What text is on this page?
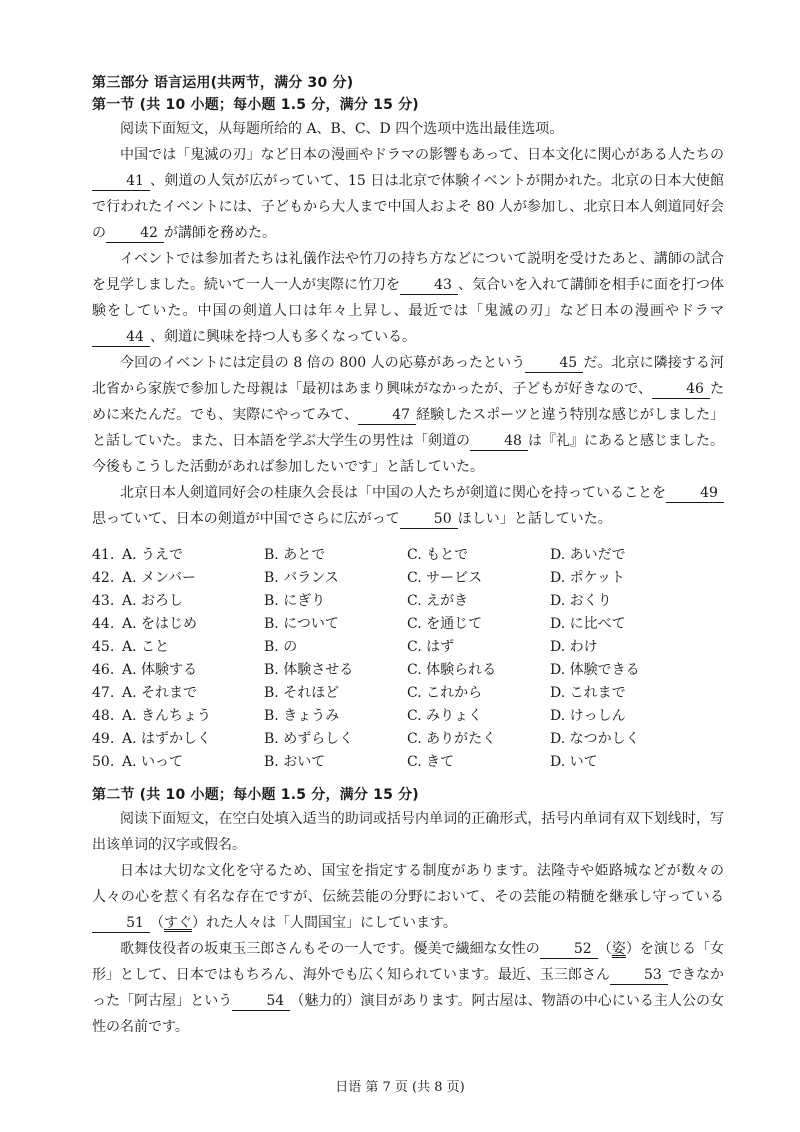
第三部分 语言运用(共两节，满分 30 分)
第一节 (共 10 小题；每小题 1.5 分，满分 15 分)

阅读下面短文，从每题所给的 A、B、C、D 四个选项中选出最佳选项。

中国では「鬼滅の刃」など日本の漫画やドラマの影響もあって、日本文化に関心がある人たちの41 、剣道の人気が広がっていて、15 日は北京で体験イベントが開かれた。北京の日本大使館で行われたイベントには、子どもから大人まで中国人およそ 80 人が参加し、北京日本人剣道同好会の 42 が講師を務めた。

イベントでは参加者たちは礼儀作法や竹刀の持ち方などについて説明を受けたあと、講師の試合を見学しました。続いて一人一人が実際に竹刀を 43 、気合いを入れて講師を相手に面を打つ体験をしていた。中国の剣道人口は年々上昇し、最近では「鬼滅の刃」など日本の漫画やドラマ44 、剣道に興味を持つ人も多くなっている。

今回のイベントには定員の 8 倍の 800 人の応募があったという 45 だ。北京に隣接する河北省から家族で参加した母親は「最初はあまり興味がなかったが、子どもが好きなので、 46 ために来たんだ。でも、実際にやってみて、 47 経験したスポーツと違う特別な感じがしました」と話していた。また、日本語を学ぶ大学生の男性は「剣道の 48 は『礼』にあると感じました。今後もこうした活動があれば参加したいです」と話していた。

北京日本人剣道同好会の桂康久会長は「中国の人たちが剣道に関心を持っていることを 49思っていて、日本の剣道が中国でさらに広がって 50 ほしい」と話していた。

41.	A. うえで	B. あとで	C. もとで	D. あいだで
42.	A. メンバー	B. バランス	C. サービス	D. ポケット
43.	A. おろし	B. にぎり	C. えがき	D. おくり
44.	A. をはじめ	B. について	C. を通じて	D. に比べて
45.	A. こと	B. の	C. はず	D. わけ
46.	A. 体験する	B. 体験させる	C. 体験られる	D. 体験できる
47.	A. それまで	B. それほど	C. これから	D. これまで
48.	A. きんちょう	B. きょうみ	C. みりょく	D. けっしん
49.	A. はずかしく	B. めずらしく	C. ありがたく	D. なつかしく
50.	A. いって	B. おいて	C. きて	D. いて
第二节 (共 10 小题；每小题 1.5 分，满分 15 分)

阅读下面短文，在空白处填入适当的助词或括号内单词的正确形式，括号内单词有双下划线时，写出该单词的汉字或假名。

日本は大切な文化を守るため、国宝を指定する制度があります。法隆寺や姫路城などが数々の人々の心を惹く有名な存在ですが、伝統芸能の分野において、その芸能の精髄を継承し守っている51 （すぐ）れた人々は「人間国宝」にしています。

歌舞伎役者の坂東玉三郎さんもその一人です。優美で繊細な女性の 52 （姿）を演じる「女形」として、日本ではもちろん、海外でも広く知られています。最近、玉三郎さん 53 できなかった「阿古屋」という 54 （魅力的）演目があります。阿古屋は、物語の中心にいる主人公の女性の名前です。

日语 第 7 页 (共 8 页)
